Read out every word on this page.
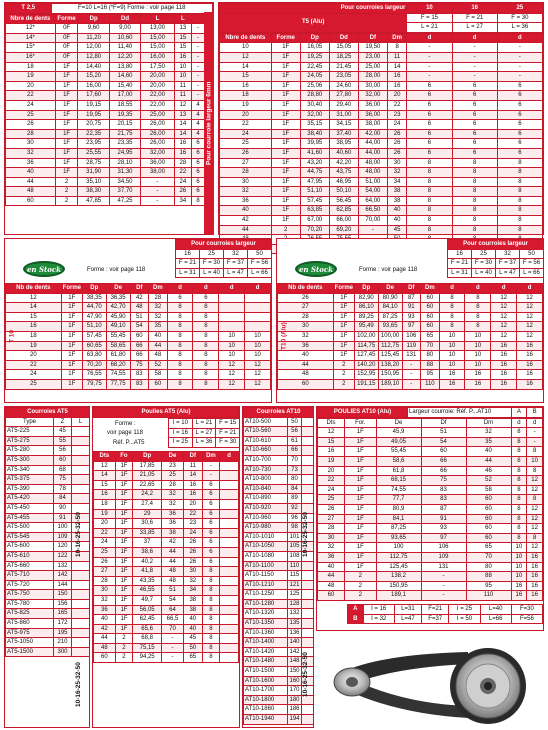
T 2,5	F=10 L=16 (*F=9) Forme : voir page 118
Nbre de dents	Forme	Dp	Dd	L	L	
12*	0F	9,60	9,00	13,00	13	-
14*	0F	11,20	10,60	15,00	15	-
15*	0F	12,00	11,40	15,00	15	-
16*	0F	12,80	12,20	16,00	16	-
18	1F	14,40	13,80	17,50	10	-
19	1F	15,20	14,60	20,00	10	-
20	1F	16,00	15,40	20,00	11	-
22	1F	17,60	17,00	22,00	11	-
24	1F	19,15	18,55	22,00	12	4
25	1F	19,95	19,35	25,00	13	4
26	1F	20,75	20,15	26,00	14	4
28	1F	22,35	21,75	26,00	14	4
30	1F	23,95	23,35	26,00	16	6
32	1F	25,55	24,95	32,00	16	6
36	1F	28,75	28,10	36,00	28	6
40	1F	31,90	31,30	38,00	22	6
44	2	35,10	34,50	-	24	6
48	2	38,30	37,70	-	26	6
60	2	47,85	47,25	-	34	8
Pour courroie largeur 6mm
Pour courroies largeur	10	16	25
T5 (Alu)	F = 15	F = 21	F = 30
	L = 21	L = 27	L = 36
Nbre de dents	Forme	Dp	Dd	Df	Dm	d	d	d
10	1F	16,05	15,05	19,50	8	-	-	-
12	1F	19,25	18,25	23,00	11	-	-	-
14	1F	22,45	21,45	25,00	14	-	-	-
15	1F	24,05	23,05	28,00	16	-	-	-
16	1F	25,06	24,60	30,00	16	6	6	6
18	1F	28,80	27,80	32,00	20	6	6	6
19	1F	30,40	29,40	36,00	22	6	6	6
20	1F	32,00	31,00	36,00	23	6	6	6
22	1F	35,15	34,15	38,00	24	6	6	6
24	1F	38,40	37,40	42,00	26	6	6	6
25	1F	39,95	38,95	44,00	26	6	6	6
26	1F	41,60	40,60	44,00	26	6	6	6
27	1F	43,20	42,20	48,00	30	8	8	8
28	1F	44,75	43,75	48,00	32	8	8	8
30	1F	47,95	46,95	51,00	34	8	8	8
32	1F	51,10	50,10	54,00	38	8	8	8
36	1F	57,45	56,45	64,00	38	8	8	8
40	1F	63,85	62,85	66,50	40	8	8	8
42	1F	67,00	66,00	70,00	40	8	8	8
44	2	70,20	69,20	-	45	8	8	8

en Stock	Forme : voir page 118
Pour courroies largeur			
16	25	32	50
F = 21	F = 30	F = 37	F = 56
L = 31	L = 40	L = 47	L = 66
Nb de dents	Forme	Dp	De	Df	Dm	d	d	d	d
12	1F	38,35	36,35	42	28	6	6		
14	1F	44,70	42,70	48	32	8	8		
15	1F	47,90	45,90	51	32	8	8		
16	1F	51,10	49,10	54	35	8	8		
18	1F	57,45	55,45	60	40	8	8	10	10
19	1F	60,65	58,65	66	44	8	8	10	10
20	1F	63,80	61,80	66	48	8	8	10	10
22	1F	70,20	68,20	75	52	8	8	12	12
24	1F	76,55	74,55	83	58	8	8	12	12
25	1F	79,75	77,75	83	60	8	8	12	12
T 10
en Stock	Forme : voir page 118
Pour courroies largeur			
16	25	32	50
F = 21	F = 30	F = 37	F = 56
L = 31	L = 40	L = 47	L = 66
Nb de dents	Forme	Dp	De	Df	Dm	d	d	d	d
26	1F	82,90	80,90	87	60	8	8	12	12
27	1F	86,10	84,10	91	60	8	8	12	12
28	1F	89,25	87,25	93	60	8	8	12	12
30	1F	95,49	93,65	97	60	8	8	12	12
32	1F	102,00	100,00	106	65	10	10	12	12
36	1F	114,75	112,75	119	70	10	10	16	16
40	1F	127,45	125,45	131	80	10	10	16	16
44	2	140,20	138,20	-	88	10	10	16	16
48	2	152,95	150,95	-	95	16	16	16	16
60	2	191,15	189,10	-	110	16	16	16	16
T10 (Alu)
Courroies AT5		
Type	Z	L
AT5-225	45	
AT5-275	55	
AT5-280	56	
AT5-300	60	
AT5-340	68	
AT5-375	75	
AT5-390	78	
AT5-420	84	
AT5-450	90	
AT5-455	91	
AT5-500	100	
AT5-545	109	
AT5-600	120	
AT5-610	122	
AT5-660	132	
AT5-710	142	
AT5-720	144	
AT5-750	150	
AT5-780	156	
AT5-825	165	
AT5-860	172	
AT5-975	195	
AT5-1050	210	
AT5-1500	300	
10-16-25-32-50
10-16-25-32-50
Poulies AT5 (Alu)
Forme :
voir page 118
Réf. P...AT5
I = 10	L = 21	F = 15
I = 16	L = 27	F = 21
I = 25	L = 36	F = 30
Dts	Fo	Dp	De	Df	Dm	d
12	1F	17,85	23	11	-	
14	1F	21,05	25	14	-	
15	1F	22,65	28	16	6	
16	1F	24,2	32	16	6	
18	1F	27,4	32	20	6	
19	1F	29	36	22	6	
20	1F	30,6	36	23	6	
22	1F	33,85	38	24	6	
24	1F	37	42	26	6	
25	1F	38,6	44	26	6	
26	1F	40,2	44	26	6	
27	1F	41,8	48	30	8	
28	1F	43,35	48	32	8	
30	1F	46,55	51	34	8	
32	1F	49,7	54	38	8	
36	1F	56,05	64	38	8	
40	1F	62,45	66,5	40	8	
42	1F	65,6	70	40	8	
44	2	68,8	-	45	8	
48	2	75,15	-	50	8	
60	2	94,25	-	65	8	
Courroies AT10		
AT10-500	50	
AT10-560	56	
AT10-610	61	
AT10-660	66	
AT10-700	70	
AT10-730	73	
AT10-800	80	
AT10-840	84	
AT10-890	89	
AT10-920	92	
AT10-960	96	
AT10-980	98	
AT10-1010	101	
AT10-1050	105	
AT10-1080	108	
AT10-1100	110	
AT10-1150	115	
AT10-1210	121	
AT10-1250	125	
AT10-1280	128	
AT10-1320	132	
AT10-1350	135	
AT10-1360	136	
AT10-1400	140	
AT10-1420	142	
AT10-1480	148	
AT10-1500	150	
AT10-1600	160	
AT10-1700	170	
AT10-1800	180	
AT10-1860	186	
AT10-1940	194	
10-16-25-32-50
10-16-25-32-50
POULIES AT10 (Alu)	Largeur courroie: Réf. P...AT10	A	B
Dts	For.	De	Df	Dm	d	d
12	1F	45,9	51	32	8	-
15	1F	49,05	54	35	8	-
16	1F	55,45	60	40	8	8
19	1F	58,6	66	44	8	10
20	1F	61,8	66	46	8	8
22	1F	68,15	75	52	8	12
24	1F	74,55	83	58	8	12
25	1F	77,7	83	60	8	8
26	1F	80,9	87	60	8	12
27	1F	84,1	91	60	8	12
28	1F	87,25	93	60	8	12
30	1F	93,65	97	60	8	8
32	1F	100	106	65	10	12
36	1F	112,75	109	70	10	16
40	1F	125,45	131	80	10	16
44	2	138,2	-	88	10	16
48	2	150,95	-	95	16	16
60	2	189,1	-	110	16	16
A	I = 16	L=31	F=21	I = 25	L=40	F=30
B	I = 32	L=47	F=37	I = 50	L=66	F=56
